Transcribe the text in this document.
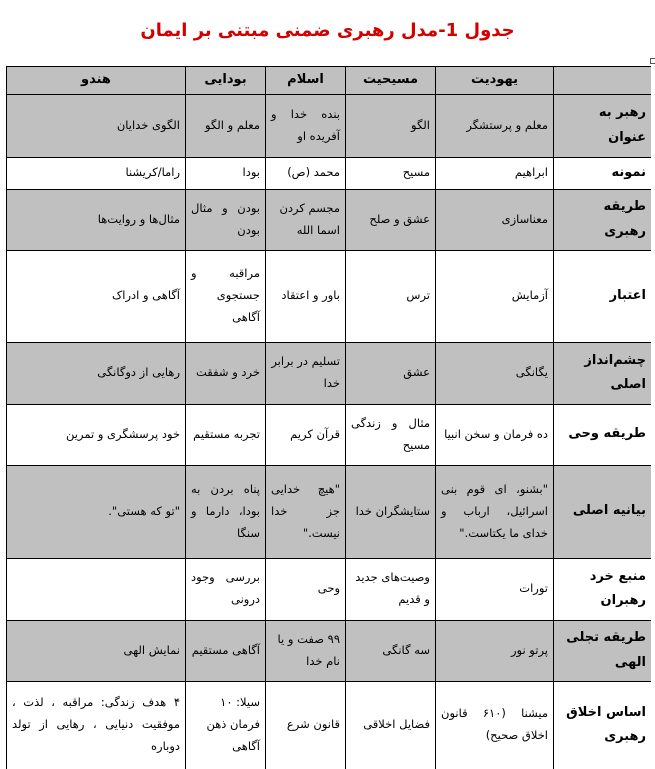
جدول 1-مدل رهبری ضمنی مبتنی بر ایمان
	یهودیت	مسیحیت	اسلام	بودایی	هندو
رهبر به عنوان	معلم و پرستشگر	الگو	بنده خدا و آفریده او	معلم و الگو	الگوی خدایان
نمونه	ابراهیم	مسیح	محمد (ص)	بودا	راما/کریشنا
طریقه رهبری	معناسازی	عشق و صلح	مجسم کردن اسما الله	بودن و مثال بودن	مثال‌ها و روایت‌ها
اعتبار	آزمایش	ترس	باور و اعتقاد	مراقبه و جستجوی آگاهی	آگاهی و ادراک
چشم‌انداز اصلی	یگانگی	عشق	تسلیم در برابر خدا	خرد و شفقت	رهایی از دوگانگی
طریقه وحی	ده فرمان و سخن انبیا	مثال و زندگی مسیح	قرآن کریم	تجربه مستقیم	خود پرسشگری و تمرین
بیانیه اصلی	"بشنو، ای قوم بنی اسرائیل، ارباب و خدای ما یکتاست."	ستایشگران خدا	"هیچ خدایی جز خدا نیست."	پناه بردن به بودا، دارما و سنگا	"تو که هستی".
منبع خرد رهبران	تورات	وصیت‌های جدید و قدیم	وحی	بررسی وجود درونی	
طریقه تجلی الهی	پرتو نور	سه گانگی	۹۹ صفت و یا نام خدا	آگاهی مستقیم	نمایش الهی
اساس اخلاق رهبری	میشنا (۶۱۰ قانون اخلاق صحیح)	فضایل اخلاقی	قانون شرع	سیلا: ۱۰ فرمان ذهن آگاهی	۴ هدف زندگی: مراقبه ، لذت ، موفقیت دنیایی ، رهایی از تولد دوباره
